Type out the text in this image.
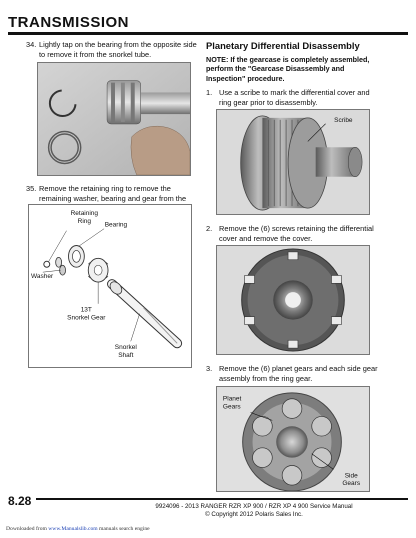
TRANSMISSION
34. Lightly tap on the bearing from the opposite side to remove it from the snorkel tube.
35. Remove the retaining ring to remove the remaining washer, bearing and gear from the
Retaining
Ring
Bearing
Washer
13T
Snorkel Gear
Snorkel
Shaft
Planetary Differential Disassembly
NOTE: If the gearcase is completely assembled, perform the "Gearcase Disassembly and Inspection" procedure.
1. Use a scribe to mark the differential cover and ring gear prior to disassembly.
Scribe
2. Remove the (6) screws retaining the differential cover and remove the cover.
3. Remove the (6) planet gears and each side gear assembly from the ring gear.
Planet
Gears
Side
Gears
8.28	9924096 - 2013 RANGER RZR XP 900 / RZR XP 4 900 Service Manual
© Copyright 2012 Polaris Sales Inc.
Downloaded from www.Manualslib.com manuals search engine
